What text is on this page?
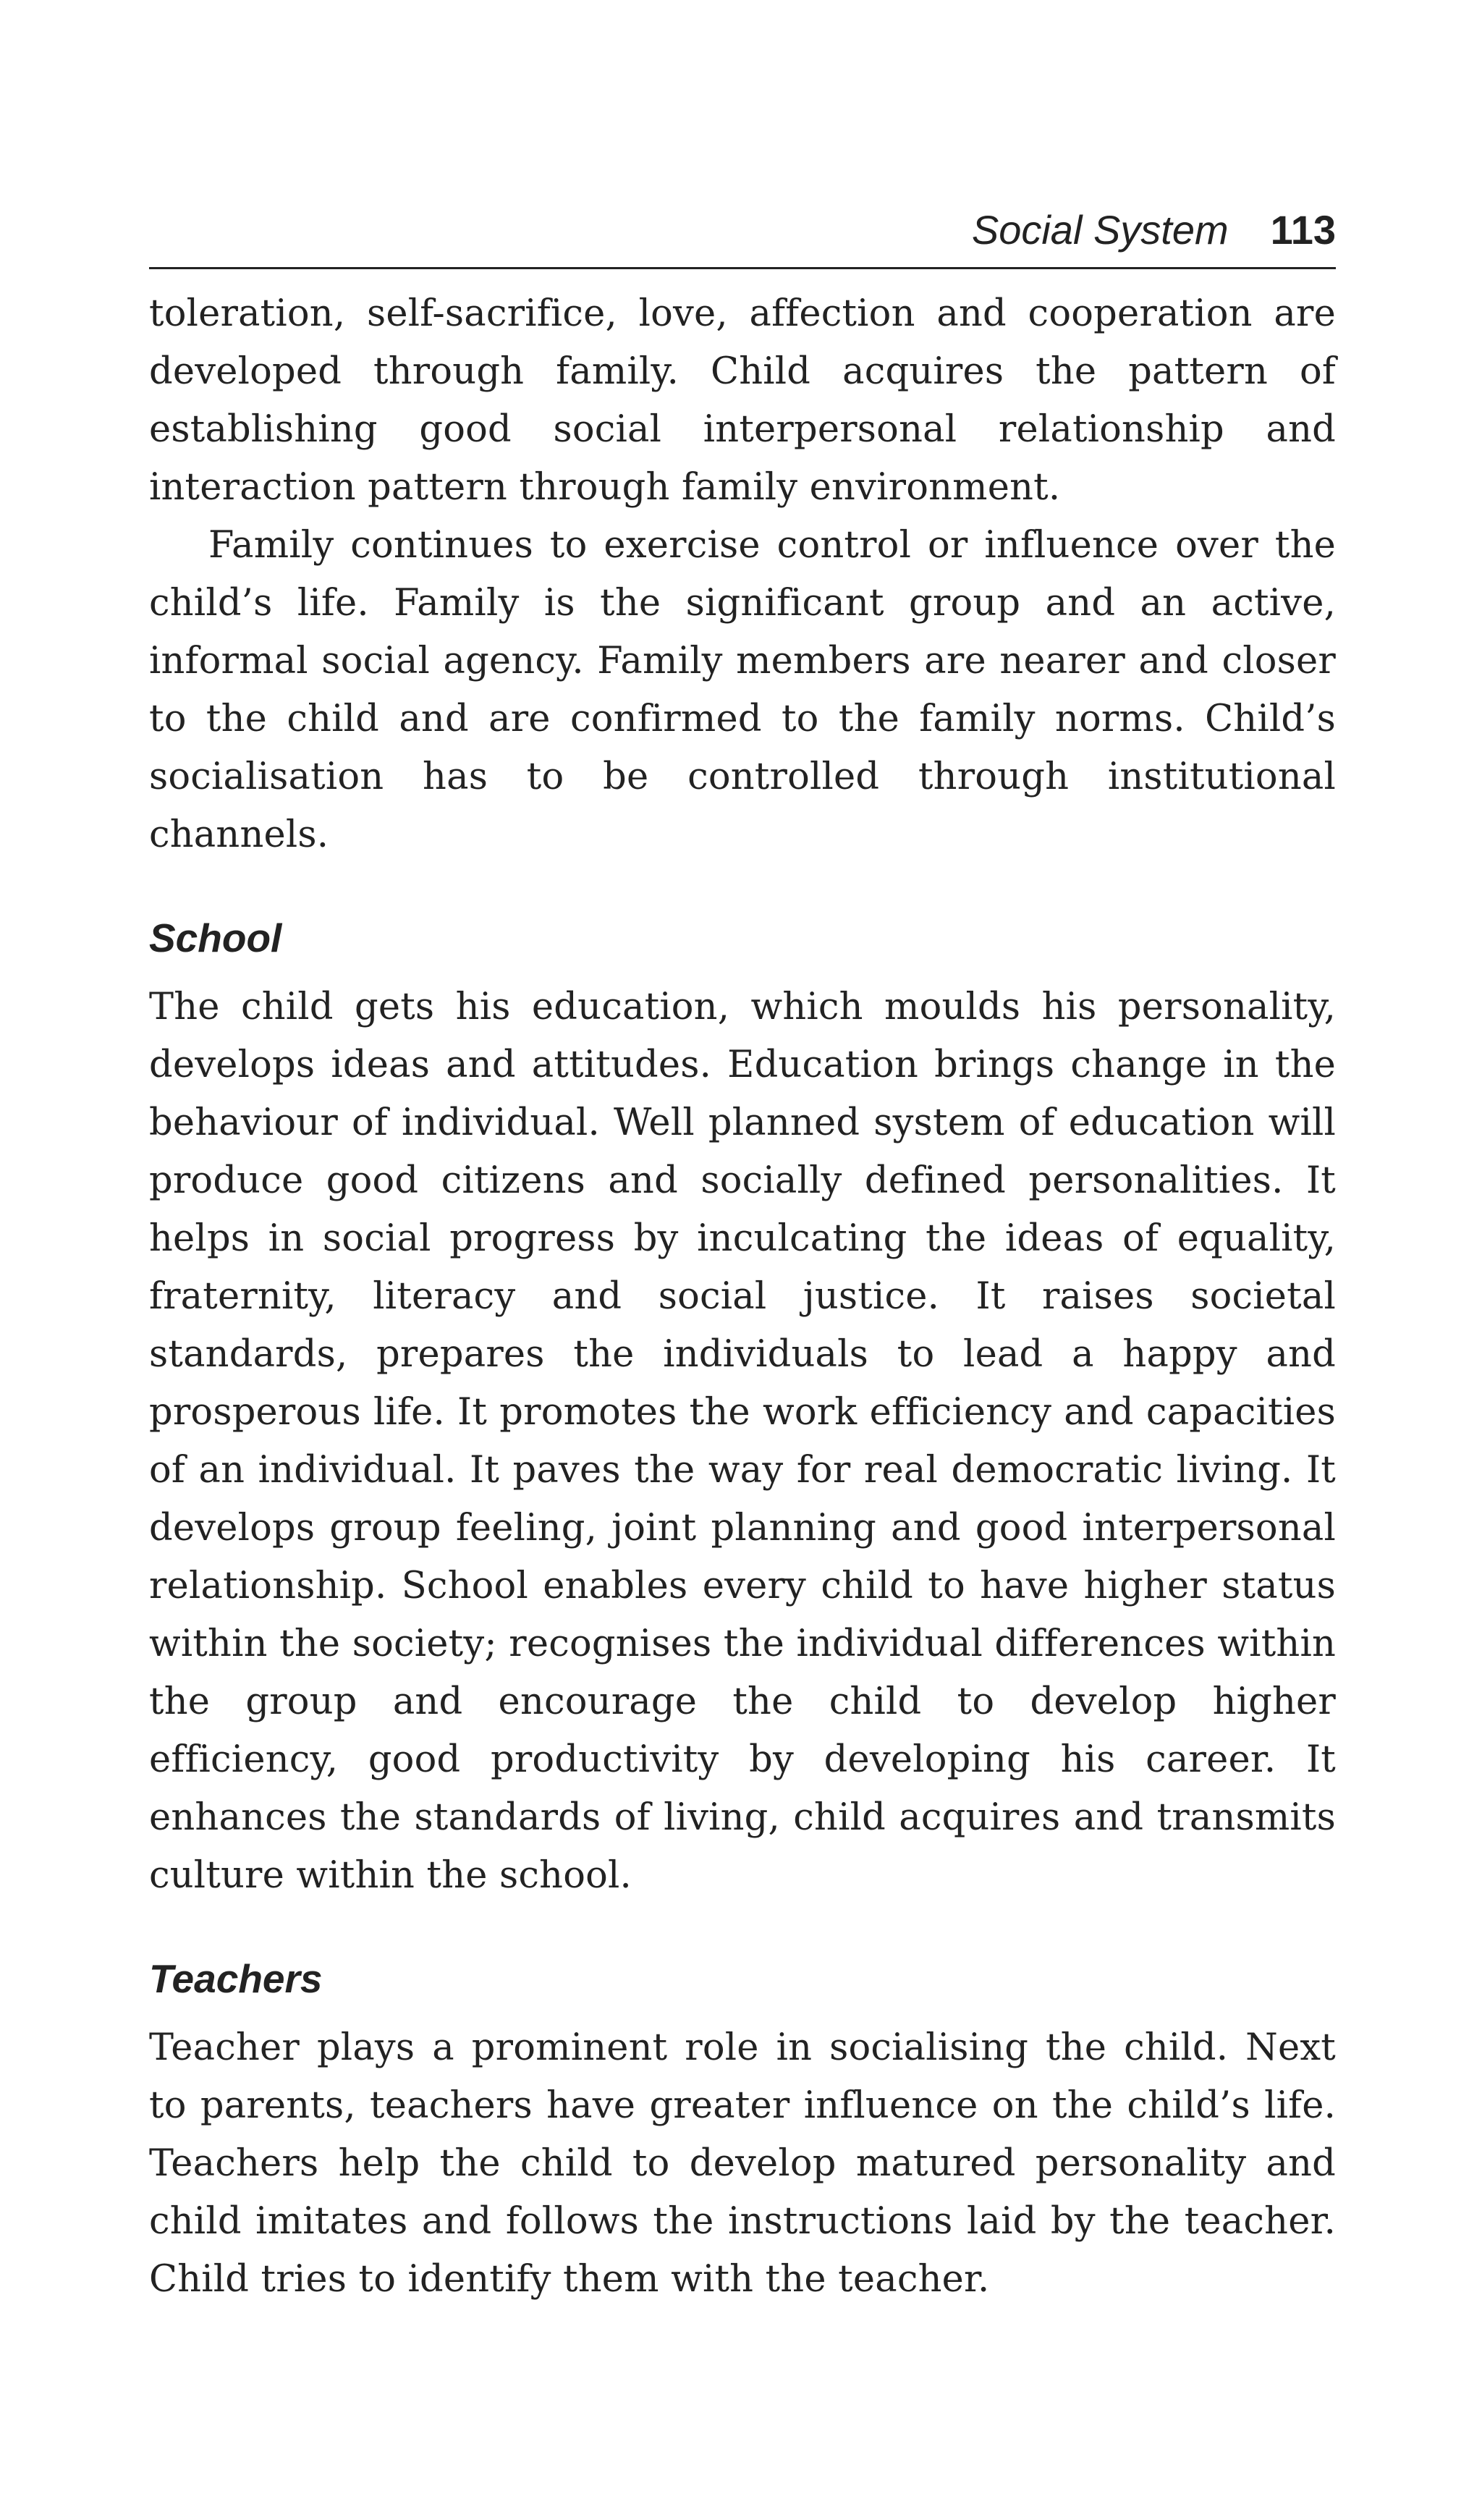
Social System 113

toleration, self-sacrifice, love, affection and cooperation are developed through family. Child acquires the pattern of establishing good social interpersonal relationship and interaction pattern through family environment.

Family continues to exercise control or influence over the child’s life. Family is the significant group and an active, informal social agency. Family members are nearer and closer to the child and are confirmed to the family norms. Child’s socialisation has to be controlled through institutional channels.

School

The child gets his education, which moulds his personality, develops ideas and attitudes. Education brings change in the behaviour of individual. Well planned system of education will produce good citizens and socially defined personalities. It helps in social progress by inculcating the ideas of equality, fraternity, literacy and social justice. It raises societal standards, prepares the individuals to lead a happy and prosperous life. It promotes the work efficiency and capacities of an individual. It paves the way for real democratic living. It develops group feeling, joint planning and good interpersonal relationship. School enables every child to have higher status within the society; recognises the individual differences within the group and encourage the child to develop higher efficiency, good productivity by developing his career. It enhances the standards of living, child acquires and transmits culture within the school.

Teachers

Teacher plays a prominent role in socialising the child. Next to parents, teachers have greater influence on the child’s life. Teachers help the child to develop matured personality and child imitates and follows the instructions laid by the teacher. Child tries to identify them with the teacher.
